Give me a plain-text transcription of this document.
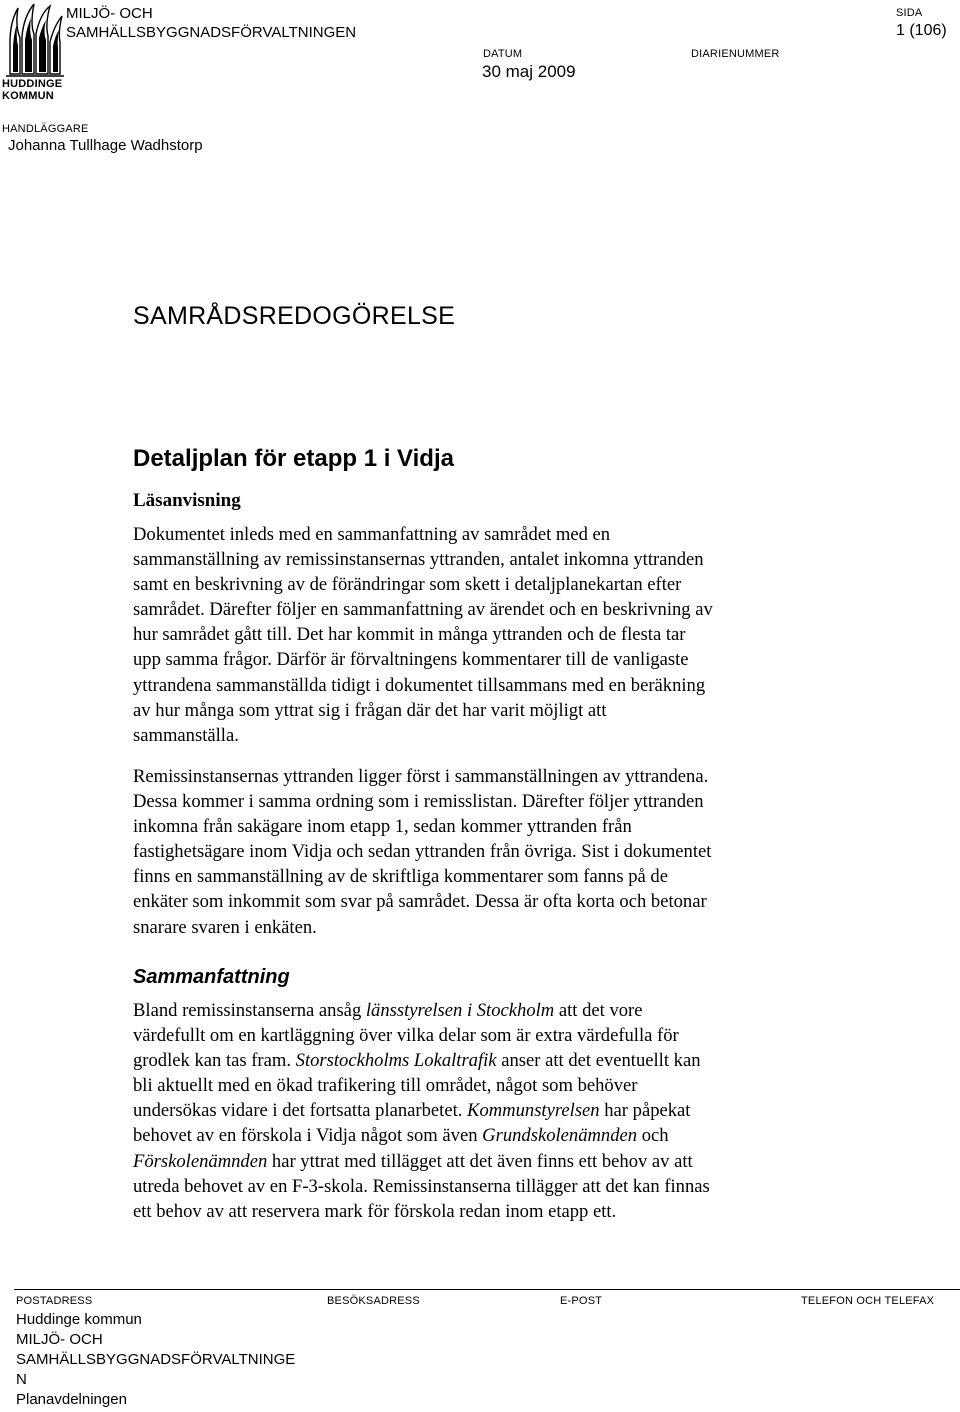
HUDDINGE
KOMMUN
MILJÖ- OCH
SAMHÄLLSBYGGNADSFÖRVALTNINGEN
SIDA
1 (106)
DATUM
30 maj 2009
DIARIENUMMER
HANDLÄGGARE
Johanna Tullhage Wadhstorp
SAMRÅDSREDOGÖRELSE
Detaljplan för etapp 1 i Vidja
Läsanvisning
Dokumentet inleds med en sammanfattning av samrådet med en
sammanställning av remissinstansernas yttranden, antalet inkomna yttranden
samt en beskrivning av de förändringar som skett i detaljplanekartan efter
samrådet. Därefter följer en sammanfattning av ärendet och en beskrivning av
hur samrådet gått till. Det har kommit in många yttranden och de flesta tar
upp samma frågor. Därför är förvaltningens kommentarer till de vanligaste
yttrandena sammanställda tidigt i dokumentet tillsammans med en beräkning
av hur många som yttrat sig i frågan där det har varit möjligt att
sammanställa.
Remissinstansernas yttranden ligger först i sammanställningen av yttrandena.
Dessa kommer i samma ordning som i remisslistan. Därefter följer yttranden
inkomna från sakägare inom etapp 1, sedan kommer yttranden från
fastighetsägare inom Vidja och sedan yttranden från övriga. Sist i dokumentet
finns en sammanställning av de skriftliga kommentarer som fanns på de
enkäter som inkommit som svar på samrådet. Dessa är ofta korta och betonar
snarare svaren i enkäten.
Sammanfattning
Bland remissinstanserna ansåg länsstyrelsen i Stockholm att det vore
värdefullt om en kartläggning över vilka delar som är extra värdefulla för
grodlek kan tas fram. Storstockholms Lokaltrafik anser att det eventuellt kan
bli aktuellt med en ökad trafikering till området, något som behöver
undersökas vidare i det fortsatta planarbetet. Kommunstyrelsen har påpekat
behovet av en förskola i Vidja något som även Grundskolenämnden och
Förskolenämnden har yttrat med tillägget att det även finns ett behov av att
utreda behovet av en F-3-skola. Remissinstanserna tillägger att det kan finnas
ett behov av att reservera mark för förskola redan inom etapp ett.
POSTADRESS	BESÖKSADRESS	E-POST	TELEFON OCH TELEFAX
Huddinge kommun
MILJÖ- OCH
SAMHÄLLSBYGGNADSFÖRVALTNINGE
N
Planavdelningen
